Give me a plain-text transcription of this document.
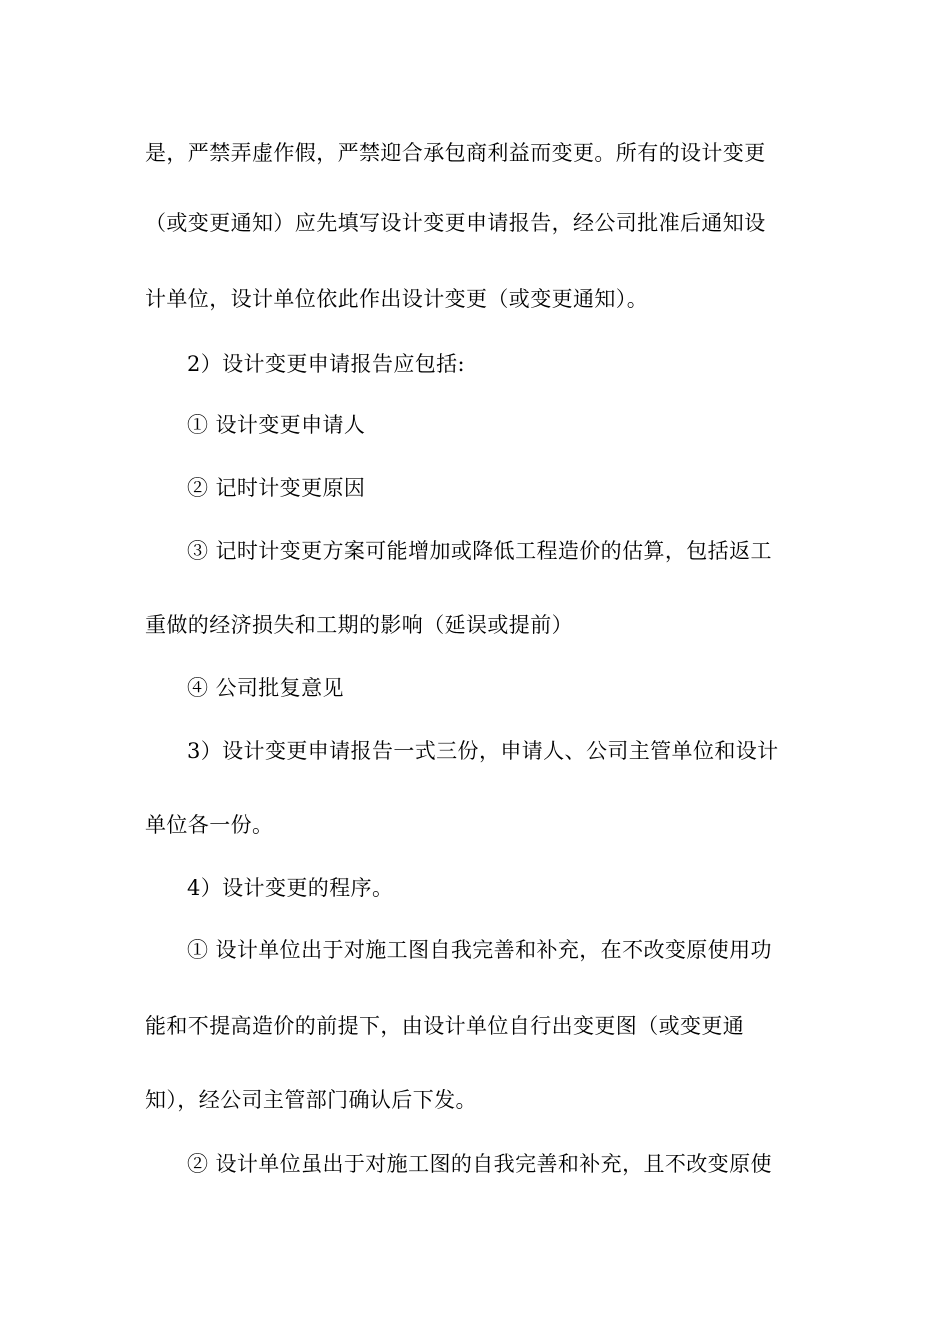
是，严禁弄虚作假，严禁迎合承包商利益而变更。所有的设计变更
（或变更通知）应先填写设计变更申请报告，经公司批准后通知设
计单位，设计单位依此作出设计变更（或变更通知）。
2）设计变更申请报告应包括:
① 设计变更申请人
② 记时计变更原因
③ 记时计变更方案可能增加或降低工程造价的估算，包括返工
重做的经济损失和工期的影响（延误或提前）
④ 公司批复意见
3）设计变更申请报告一式三份，申请人、公司主管单位和设计
单位各一份。
4）设计变更的程序。
① 设计单位出于对施工图自我完善和补充，在不改变原使用功
能和不提高造价的前提下，由设计单位自行出变更图（或变更通
知），经公司主管部门确认后下发。
② 设计单位虽出于对施工图的自我完善和补充，且不改变原使
